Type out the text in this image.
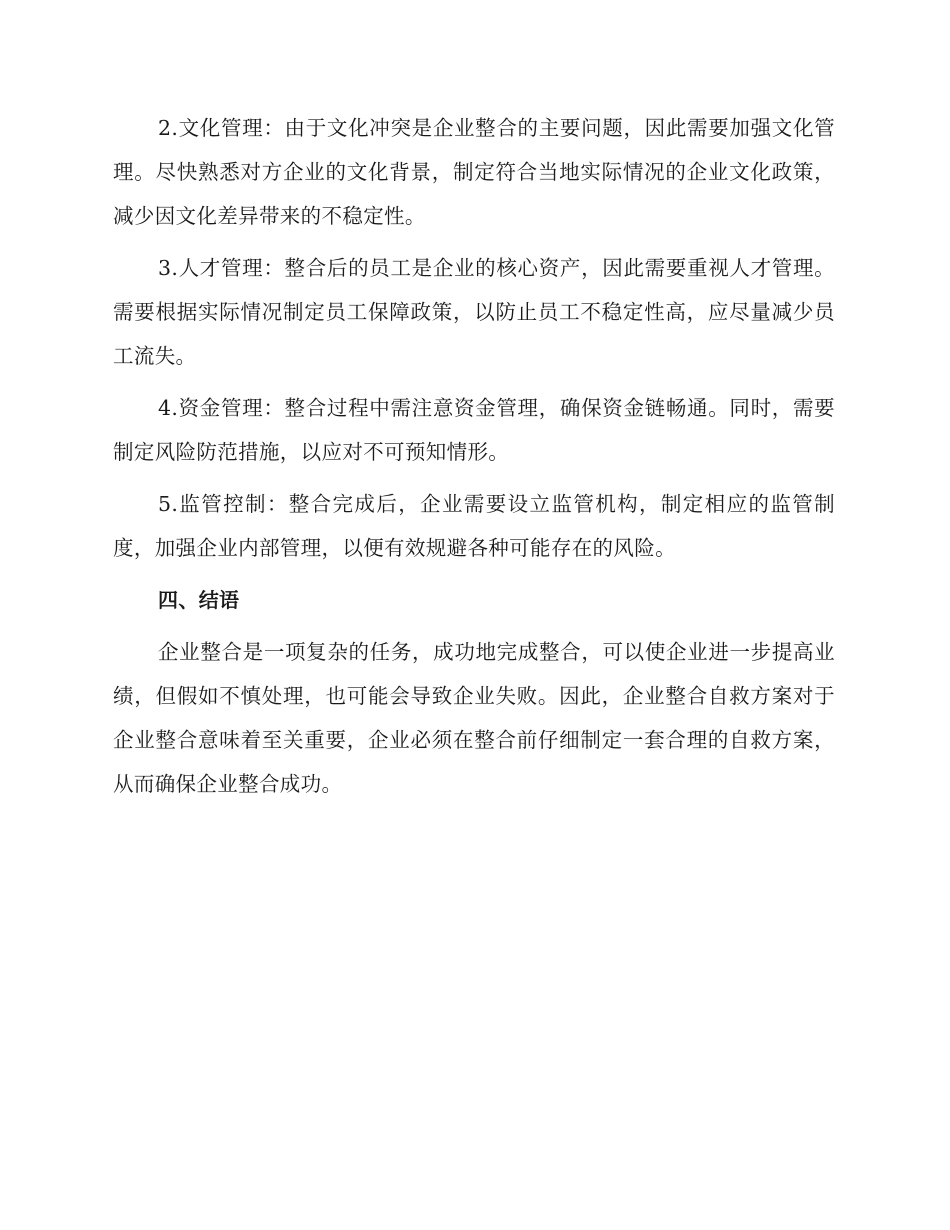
2.文化管理：由于文化冲突是企业整合的主要问题，因此需要加强文化管理。尽快熟悉对方企业的文化背景，制定符合当地实际情况的企业文化政策，减少因文化差异带来的不稳定性。

3.人才管理：整合后的员工是企业的核心资产，因此需要重视人才管理。需要根据实际情况制定员工保障政策，以防止员工不稳定性高，应尽量减少员工流失。

4.资金管理：整合过程中需注意资金管理，确保资金链畅通。同时，需要制定风险防范措施，以应对不可预知情形。

5.监管控制：整合完成后，企业需要设立监管机构，制定相应的监管制度，加强企业内部管理，以便有效规避各种可能存在的风险。

四、结语

企业整合是一项复杂的任务，成功地完成整合，可以使企业进一步提高业绩，但假如不慎处理，也可能会导致企业失败。因此，企业整合自救方案对于企业整合意味着至关重要，企业必须在整合前仔细制定一套合理的自救方案，从而确保企业整合成功。
